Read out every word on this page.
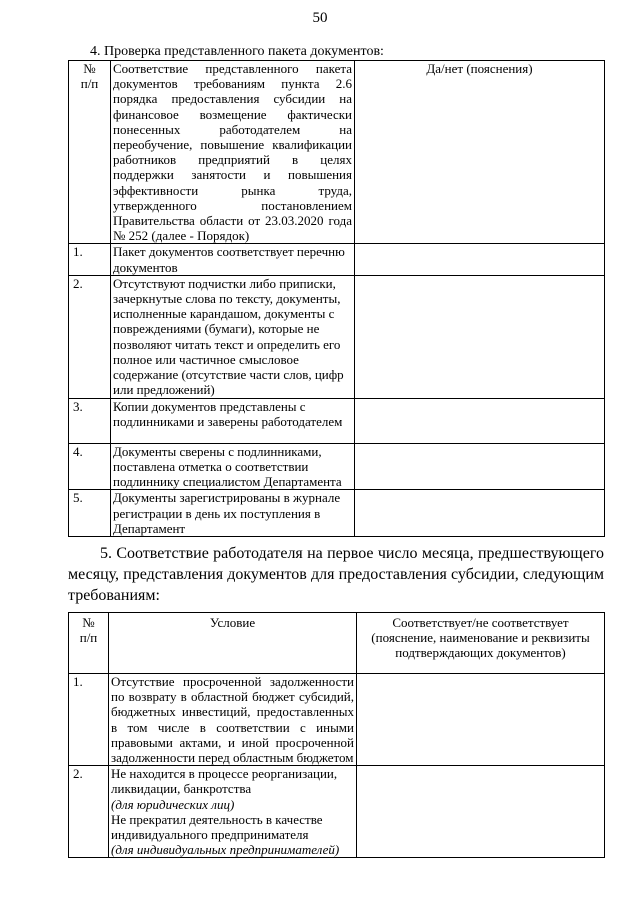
50
4. Проверка представленного пакета документов:
№
п/п	Соответствие представленного пакета документов требованиям пункта 2.6 порядка предоставления субсидии на финансовое возмещение фактически понесенных работодателем на переобучение, повышение квалификации работников предприятий в целях поддержки занятости и повышения эффективности рынка труда, утвержденного постановлением Правительства области от 23.03.2020 года № 252 (далее - Порядок)	Да/нет (пояснения)
1.	Пакет документов соответствует перечню документов	
2.	Отсутствуют подчистки либо приписки, зачеркнутые слова по тексту, документы, исполненные карандашом, документы с повреждениями (бумаги), которые не позволяют читать текст и определить его полное или частичное смысловое содержание (отсутствие части слов, цифр или предложений)	
3.	Копии документов представлены с подлинниками и заверены работодателем	
4.	Документы сверены с подлинниками, поставлена отметка о соответствии подлиннику специалистом Департамента	
5.	Документы зарегистрированы в журнале регистрации в день их поступления в Департамент	
5. Соответствие работодателя на первое число месяца, предшествующего месяцу, представления документов для предоставления субсидии, следующим требованиям:
№
п/п	Условие	Соответствует/не соответствует (пояснение, наименование и реквизиты подтверждающих документов)
1.	Отсутствие просроченной задолженности по возврату в областной бюджет субсидий, бюджетных инвестиций, предоставленных в том числе в соответствии с иными правовыми актами, и иной просроченной задолженности перед областным бюджетом	
2.	Не находится в процессе реорганизации, ликвидации, банкротства
(для юридических лиц)
Не прекратил деятельность в качестве индивидуального предпринимателя
(для индивидуальных предпринимателей)	
